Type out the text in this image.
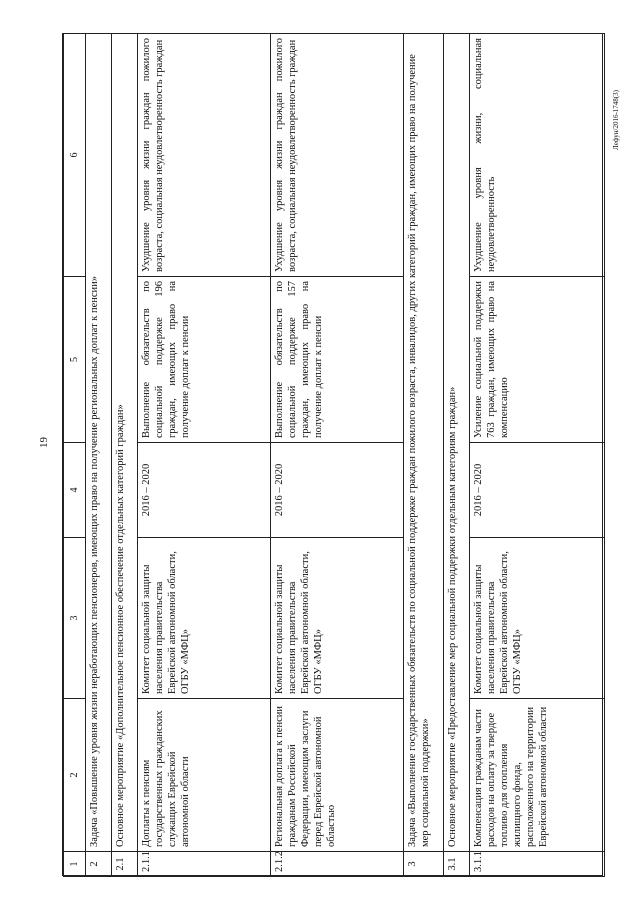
19
Лефун/2016-1748(3)
1	2	3	4	5	6
2	Задача «Повышение уровня жизни неработающих пенсионеров, имеющих право на получение региональных доплат к пенсии»				
2.1	Основное мероприятие «Дополнительное пенсионное обеспечение отдельных категорий граждан»				
2.1.1	Доплаты к пенсиям государственных гражданских служащих Еврейской автономной области	Комитет социальной защиты населения правительства Еврейской автономной области, ОГБУ «МФЦ»	2016 – 2020	Выполнение обязательств по социальной поддержке 196 граждан, имеющих право на получение доплат к пенсии	Ухудшение уровня жизни граждан пожилого возраста, социальная неудовлетворенность граждан
2.1.2	Региональная доплата к пенсии гражданам Российской Федерации, имеющим заслуги перед Еврейской автономной областью	Комитет социальной защиты населения правительства Еврейской автономной области, ОГБУ «МФЦ»	2016 – 2020	Выполнение обязательств по социальной поддержке 157 граждан, имеющих право на получение доплат к пенсии	Ухудшение уровня жизни граждан пожилого возраста, социальная неудовлетворенность граждан
3	Задача «Выполнение государственных обязательств по социальной поддержке граждан пожилого возраста, инвалидов, других категорий граждан, имеющих право на получение мер социальной поддержки»				
3.1	Основное мероприятие «Предоставление мер социальной поддержки отдельным категориям граждан»				
3.1.1	Компенсация гражданам части расходов на оплату за твердое топливо для отопления жилищного фонда, расположенного на территории Еврейской автономной области	Комитет социальной защиты населения правительства Еврейской автономной области, ОГБУ «МФЦ»	2016 – 2020	Усиление социальной поддержки 763 граждан, имеющих право на компенсацию	Ухудшение уровня жизни, социальная неудовлетворенность
